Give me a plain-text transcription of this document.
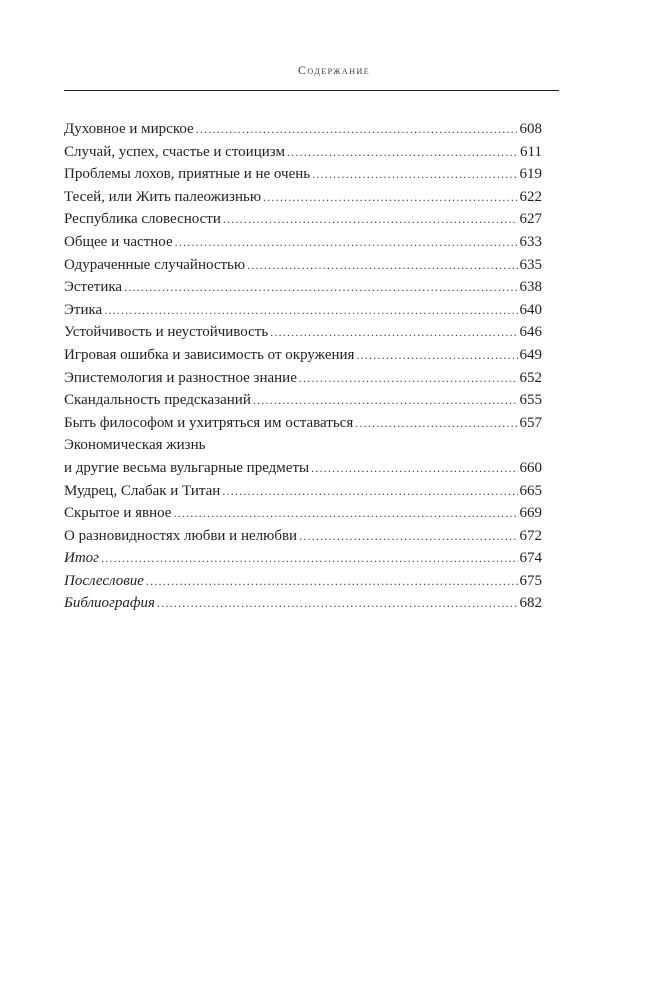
Содержание
Духовное и мирское .....	608
Случай, успех, счастье и стоицизм .....	611
Проблемы лохов, приятные и не очень .....	619
Тесей, или Жить палеожизнью .....	622
Республика словесности .....	627
Общее и частное .....	633
Одураченные случайностью .....	635
Эстетика .....	638
Этика .....	640
Устойчивость и неустойчивость .....	646
Игровая ошибка и зависимость от окружения .....	649
Эпистемология и разностное знание .....	652
Скандальность предсказаний .....	655
Быть философом и ухитряться им оставаться .....	657
Экономическая жизнь
и другие весьма вульгарные предметы .....	660
Мудрец, Слабак и Титан .....	665
Скрытое и явное .....	669
О разновидностях любви и нелюбви .....	672
Итог .....	674
Послесловие .....	675
Библиография .....	682
